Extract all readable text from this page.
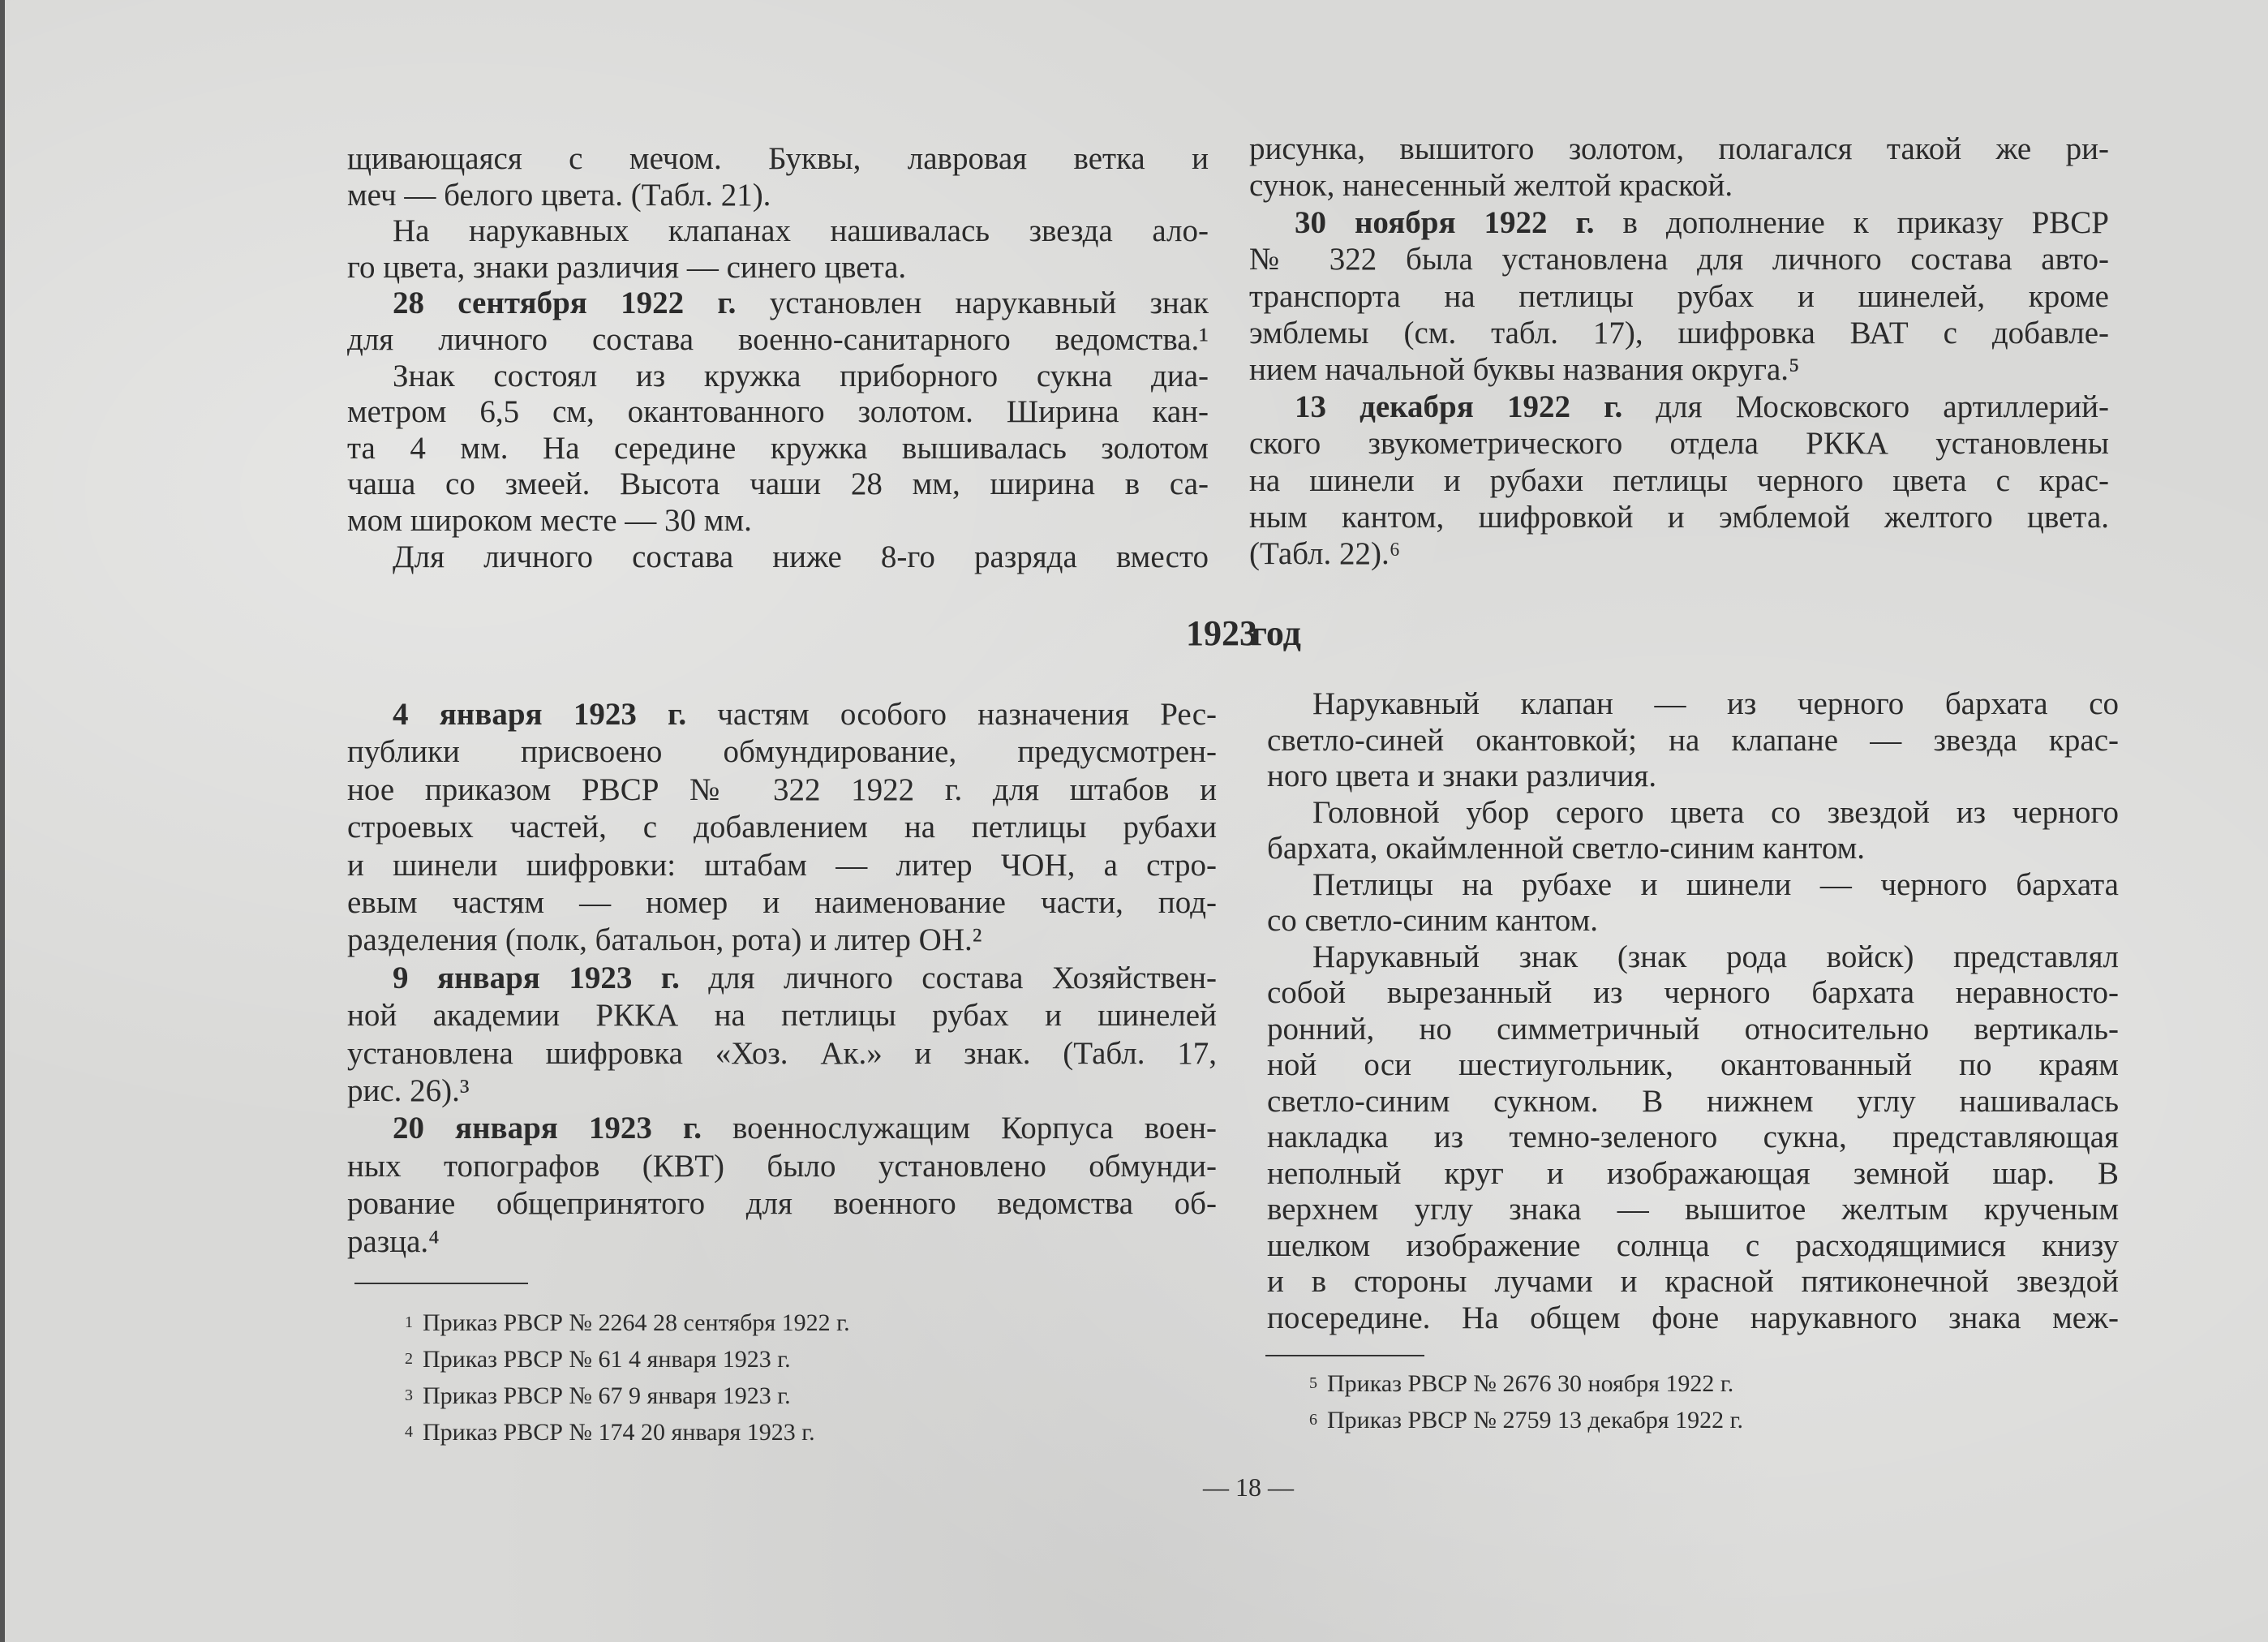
щивающаяся с мечом. Буквы, лавровая ветка и
меч — белого цвета. (Табл. 21).
На нарукавных клапанах нашивалась звезда ало-
го цвета, знаки различия — синего цвета.
28 сентября 1922 г. установлен нарукавный знак
для личного состава военно-санитарного ведомства.¹
Знак состоял из кружка приборного сукна диа-
метром 6,5 см, окантованного золотом. Ширина кан-
та 4 мм. На середине кружка вышивалась золотом
чаша со змеей. Высота чаши 28 мм, ширина в са-
мом широком месте — 30 мм.
Для личного состава ниже 8-го разряда вместо
рисунка, вышитого золотом, полагался такой же ри-
сунок, нанесенный желтой краской.
30 ноября 1922 г. в дополнение к приказу РВСР
№ 322 была установлена для личного состава авто-
транспорта на петлицы рубах и шинелей, кроме
эмблемы (см. табл. 17), шифровка ВАТ с добавле-
нием начальной буквы названия округа.⁵
13 декабря 1922 г. для Московского артиллерий-
ского звукометрического отдела РККА установлены
на шинели и рубахи петлицы черного цвета с крас-
ным кантом, шифровкой и эмблемой желтого цвета.
(Табл. 22).⁶
1923
год
4 января 1923 г. частям особого назначения Рес-
публики присвоено обмундирование, предусмотрен-
ное приказом РВСР № 322 1922 г. для штабов и
строевых частей, с добавлением на петлицы рубахи
и шинели шифровки: штабам — литер ЧОН, а стро-
евым частям — номер и наименование части, под-
разделения (полк, батальон, рота) и литер ОН.²
9 января 1923 г. для личного состава Хозяйствен-
ной академии РККА на петлицы рубах и шинелей
установлена шифровка «Хоз. Ак.» и знак. (Табл. 17,
рис. 26).³
20 января 1923 г. военнослужащим Корпуса воен-
ных топографов (КВТ) было установлено обмунди-
рование общепринятого для военного ведомства об-
разца.⁴
Нарукавный клапан — из черного бархата со
светло-синей окантовкой; на клапане — звезда крас-
ного цвета и знаки различия.
Головной убор серого цвета со звездой из черного
бархата, окаймленной светло-синим кантом.
Петлицы на рубахе и шинели — черного бархата
со светло-синим кантом.
Нарукавный знак (знак рода войск) представлял
собой вырезанный из черного бархата неравносто-
ронний, но симметричный относительно вертикаль-
ной оси шестиугольник, окантованный по краям
светло-синим сукном. В нижнем углу нашивалась
накладка из темно-зеленого сукна, представляющая
неполный круг и изображающая земной шар. В
верхнем углу знака — вышитое желтым крученым
шелком изображение солнца с расходящимися книзу
и в стороны лучами и красной пятиконечной звездой
посередине. На общем фоне нарукавного знака меж-
1 Приказ РВСР № 2264 28 сентября 1922 г.
2 Приказ РВСР № 61 4 января 1923 г.
3 Приказ РВСР № 67 9 января 1923 г.
4 Приказ РВСР № 174 20 января 1923 г.
5 Приказ РВСР № 2676 30 ноября 1922 г.
6 Приказ РВСР № 2759 13 декабря 1922 г.
— 18 —
